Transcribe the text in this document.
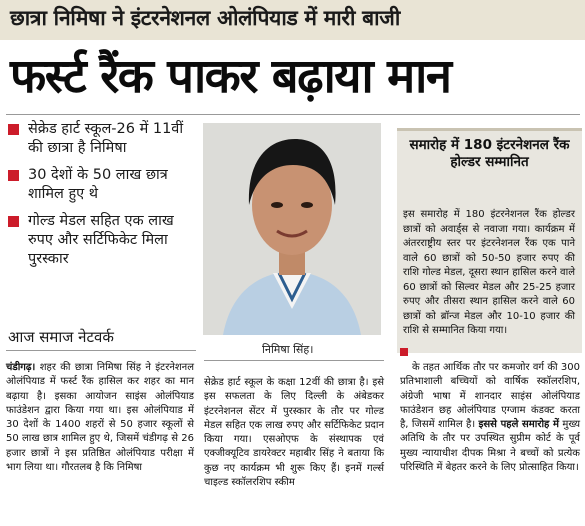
छात्रा निमिषा ने इंटरनेशनल ओलंपियाड में मारी बाजी
फर्स्ट रैंक पाकर बढ़ाया मान
सेक्रेड हार्ट स्कूल-26 में 11वीं की छात्रा है निमिषा
30 देशों के 50 लाख छात्र शामिल हुए थे
गोल्ड मेडल सहित एक लाख रुपए और सर्टिफिकेट मिला पुरस्कार
आज समाज नेटवर्क
निमिषा सिंह।
समारोह में 180 इंटरनेशनल रैंक होल्डर सम्मानित
इस समारोह में 180 इंटरनेशनल रैंक होल्डर छात्रों को अवार्ड्स से नवाजा गया। कार्यक्रम में अंतरराष्ट्रीय स्तर पर इंटरनेशनल रैंक एक पाने वाले 60 छात्रों को 50-50 हजार रुपए की राशि गोल्ड मेडल, दूसरा स्थान हासिल करने वाले 60 छात्रों को सिल्वर मेडल और 25-25 हजार रुपए और तीसरा स्थान हासिल करने वाले 60 छात्रों को ब्रॉन्ज मेडल और 10-10 हजार की राशि से सम्मानित किया गया।
चंडीगढ़। शहर की छात्रा निमिषा सिंह ने इंटरनेशनल ओलंपियाड में फर्स्ट रैंक हासिल कर शहर का मान बढ़ाया है। इसका आयोजन साइंस ओलंपियाड फाउंडेशन द्वारा किया गया था। इस ओलंपियाड में 30 देशों के 1400 शहरों से 50 हजार स्कूलों से 50 लाख छात्र शामिल हुए थे, जिसमें चंडीगढ़ से 26 हजार छात्रों ने इस प्रतिष्ठित ओलंपियाड परीक्षा में भाग लिया था। गौरतलब है कि निमिषा
सेक्रेड हार्ट स्कूल के कक्षा 12वीं की छात्रा है। इसे इस सफलता के लिए दिल्ली के अंबेडकर इंटरनेशनल सेंटर में पुरस्कार के तौर पर गोल्ड मेडल सहित एक लाख रुपए और सर्टिफिकेट प्रदान किया गया। एसओएफ के संस्थापक एवं एक्जीक्यूटिव डायरेक्टर महाबीर सिंह ने बताया कि कुछ नए कार्यक्रम भी शुरू किए हैं। इनमें गर्ल्स चाइल्ड स्कॉलरशिप स्कीम
के तहत आर्थिक तौर पर कमजोर वर्ग की 300 प्रतिभाशाली बच्चियों को वार्षिक स्कॉलरशिप, अंग्रेजी भाषा में शानदार साइंस ओलंपियाड फाउंडेशन छह ओलंपियाड एग्जाम कंडक्ट करता है, जिसमें शामिल है। इससे पहले समारोह में मुख्य अतिथि के तौर पर उपस्थित सुप्रीम कोर्ट के पूर्व मुख्य न्यायाधीश दीपक मिश्रा ने बच्चों को प्रत्येक परिस्थिति में बेहतर करने के लिए प्रोत्साहित किया।
